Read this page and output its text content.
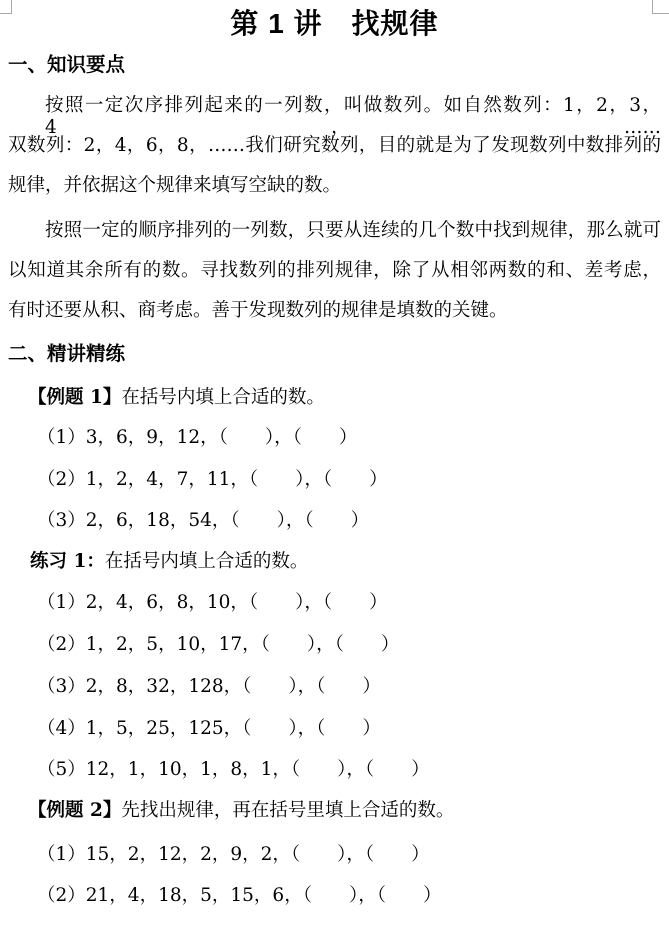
第 1 讲　找规律
一、知识要点
按照一定次序排列起来的一列数，叫做数列。如自然数列：1，2，3，4，……
双数列：2，4，6，8，……我们研究数列，目的就是为了发现数列中数排列的
规律，并依据这个规律来填写空缺的数。
按照一定的顺序排列的一列数，只要从连续的几个数中找到规律，那么就可
以知道其余所有的数。寻找数列的排列规律，除了从相邻两数的和、差考虑，
有时还要从积、商考虑。善于发现数列的规律是填数的关键。
二、精讲精练
【例题 1】在括号内填上合适的数。
（1）3，6，9，12，（　　），（　　）
（2）1，2，4，7，11，（　　），（　　）
（3）2，6，18，54，（　　），（　　）
练习 1：在括号内填上合适的数。
（1）2，4，6，8，10，（　　），（　　）
（2）1，2，5，10，17，（　　），（　　）
（3）2，8，32，128，（　　），（　　）
（4）1，5，25，125，（　　），（　　）
（5）12，1，10，1，8，1，（　　），（　　）
【例题 2】先找出规律，再在括号里填上合适的数。
（1）15，2，12，2，9，2，（　　），（　　）
（2）21，4，18，5，15，6，（　　），（　　）
